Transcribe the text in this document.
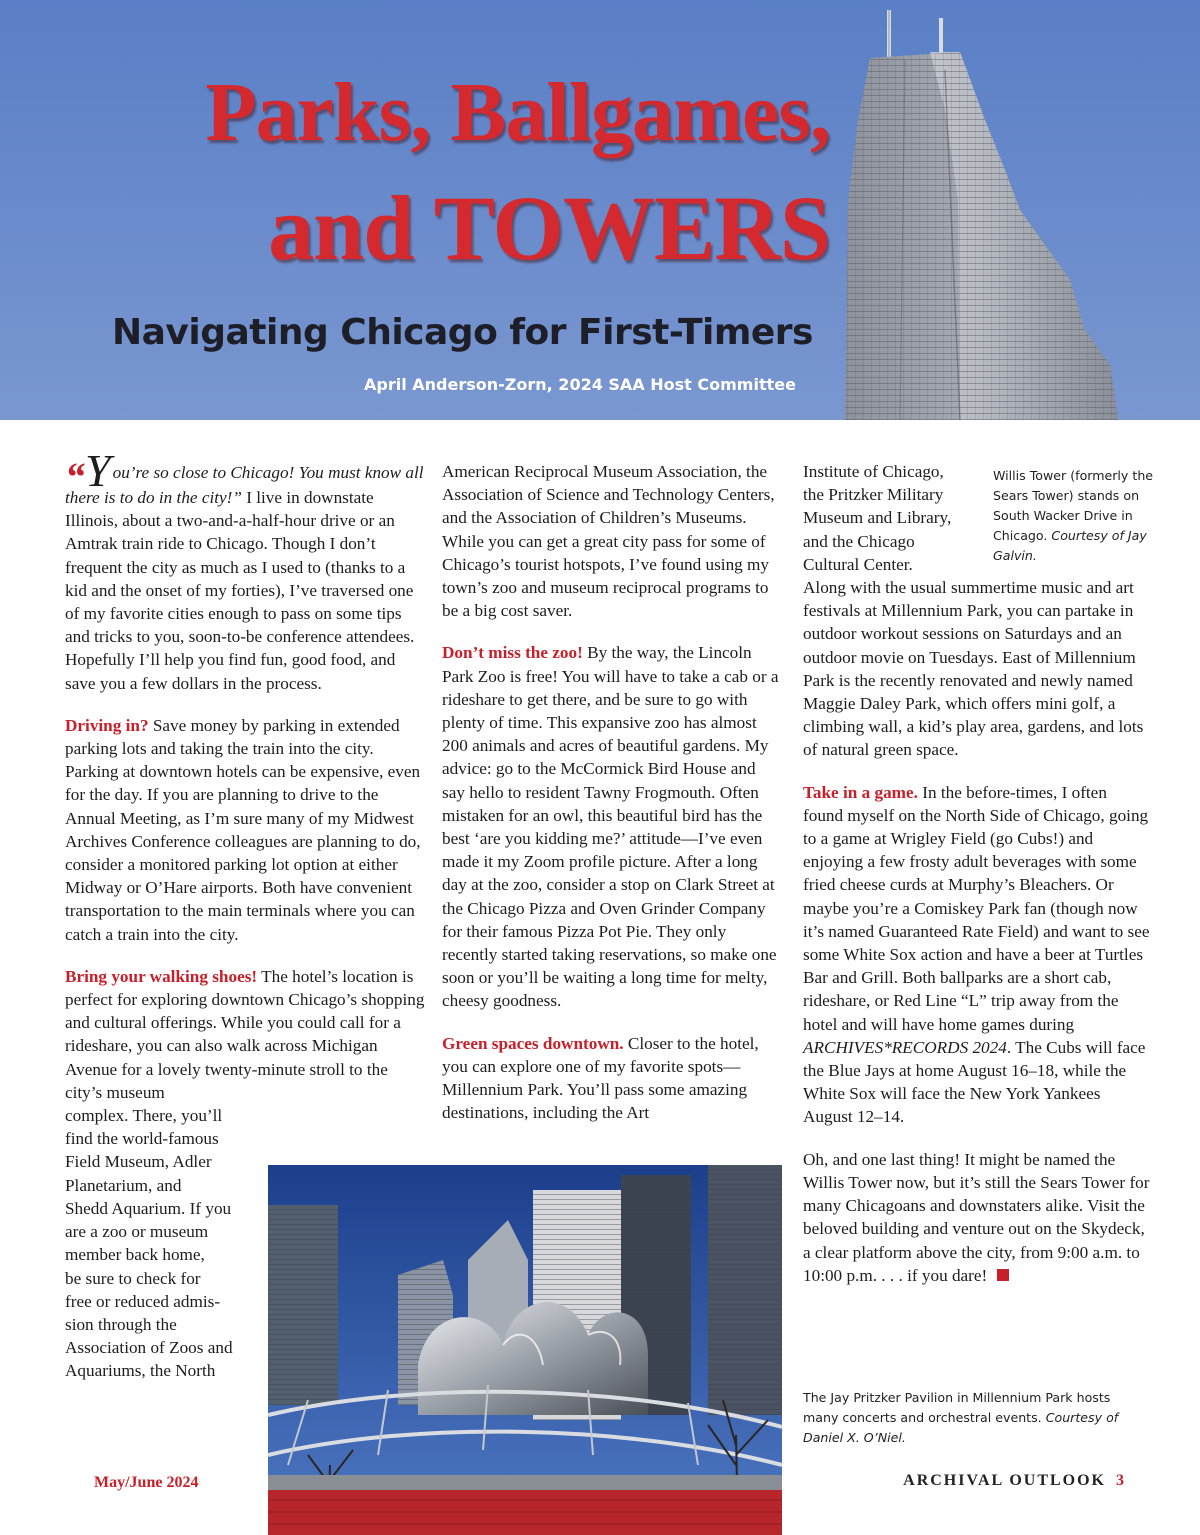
Parks, Ballgames,
and TOWERS
Navigating Chicago for First-Timers
April Anderson-Zorn, 2024 SAA Host Committee

“Y ou’re so close to Chicago! You must know all there is to do in the city!” I live in downstate Illinois, about a two-and-a-half-hour drive or an Amtrak train ride to Chicago. Though I don’t frequent the city as much as I used to (thanks to a kid and the onset of my forties), I’ve traversed one of my favorite cities enough to pass on some tips and tricks to you, soon-to-be conference attendees. Hopefully I’ll help you find fun, good food, and save you a few dollars in the process.

Driving in? Save money by parking in extended parking lots and taking the train into the city. Parking at downtown hotels can be expensive, even for the day. If you are planning to drive to the Annual Meeting, as I’m sure many of my Midwest Archives Conference colleagues are planning to do, consider a monitored parking lot option at either Midway or O’Hare airports. Both have convenient transportation to the main terminals where you can catch a train into the city.

Bring your walking shoes! The hotel’s location is perfect for exploring downtown Chicago’s shopping and cultural offerings. While you could call for a rideshare, you can also walk across Michigan Avenue for a lovely twenty-minute stroll to the city’s museum

complex. There, you’ll
find the world-famous
Field Museum, Adler
Planetarium, and
Shedd Aquarium. If you
are a zoo or museum
member back home,
be sure to check for
free or reduced admis-
sion through the
Association of Zoos and
Aquariums, the North

American Reciprocal Museum Association, the Association of Science and Technology Centers, and the Association of Children’s Museums. While you can get a great city pass for some of Chicago’s tourist hotspots, I’ve found using my town’s zoo and museum reciprocal programs to be a big cost saver.

Don’t miss the zoo! By the way, the Lincoln Park Zoo is free! You will have to take a cab or a rideshare to get there, and be sure to go with plenty of time. This expansive zoo has almost 200 animals and acres of beautiful gardens. My advice: go to the McCormick Bird House and say hello to resident Tawny Frogmouth. Often mistaken for an owl, this beautiful bird has the best ‘are you kidding me?’ attitude—I’ve even made it my Zoom profile picture. After a long day at the zoo, consider a stop on Clark Street at the Chicago Pizza and Oven Grinder Company for their famous Pizza Pot Pie. They only recently started taking reservations, so make one soon or you’ll be waiting a long time for melty, cheesy goodness.

Green spaces downtown. Closer to the hotel, you can explore one of my favorite spots—Millennium Park. You’ll pass some amazing destinations, including the Art

Institute of Chicago,
the Pritzker Military
Museum and Library,
and the Chicago
Cultural Center.

Along with the usual summertime music and art festivals at Millennium Park, you can partake in outdoor workout sessions on Saturdays and an outdoor movie on Tuesdays. East of Millennium Park is the recently renovated and newly named Maggie Daley Park, which offers mini golf, a climbing wall, a kid’s play area, gardens, and lots of natural green space.

Take in a game. In the before-times, I often found myself on the North Side of Chicago, going to a game at Wrigley Field (go Cubs!) and enjoying a few frosty adult beverages with some fried cheese curds at Murphy’s Bleachers. Or maybe you’re a Comiskey Park fan (though now it’s named Guaranteed Rate Field) and want to see some White Sox action and have a beer at Turtles Bar and Grill. Both ballparks are a short cab, rideshare, or Red Line “L” trip away from the hotel and will have home games during ARCHIVES*RECORDS 2024. The Cubs will face the Blue Jays at home August 16–18, while the White Sox will face the New York Yankees August 12–14.

Oh, and one last thing! It might be named the Willis Tower now, but it’s still the Sears Tower for many Chicagoans and downstaters alike. Visit the beloved building and venture out on the Skydeck, a clear platform above the city, from 9:00 a.m. to 10:00 p.m. . . . if you dare!

Willis Tower (formerly the Sears Tower) stands on South Wacker Drive in Chicago. Courtesy of Jay Galvin.
The Jay Pritzker Pavilion in Millennium Park hosts many concerts and orchestral events. Courtesy of Daniel X. O’Niel.
May/June 2024	ARCHIVAL OUTLOOK 3
